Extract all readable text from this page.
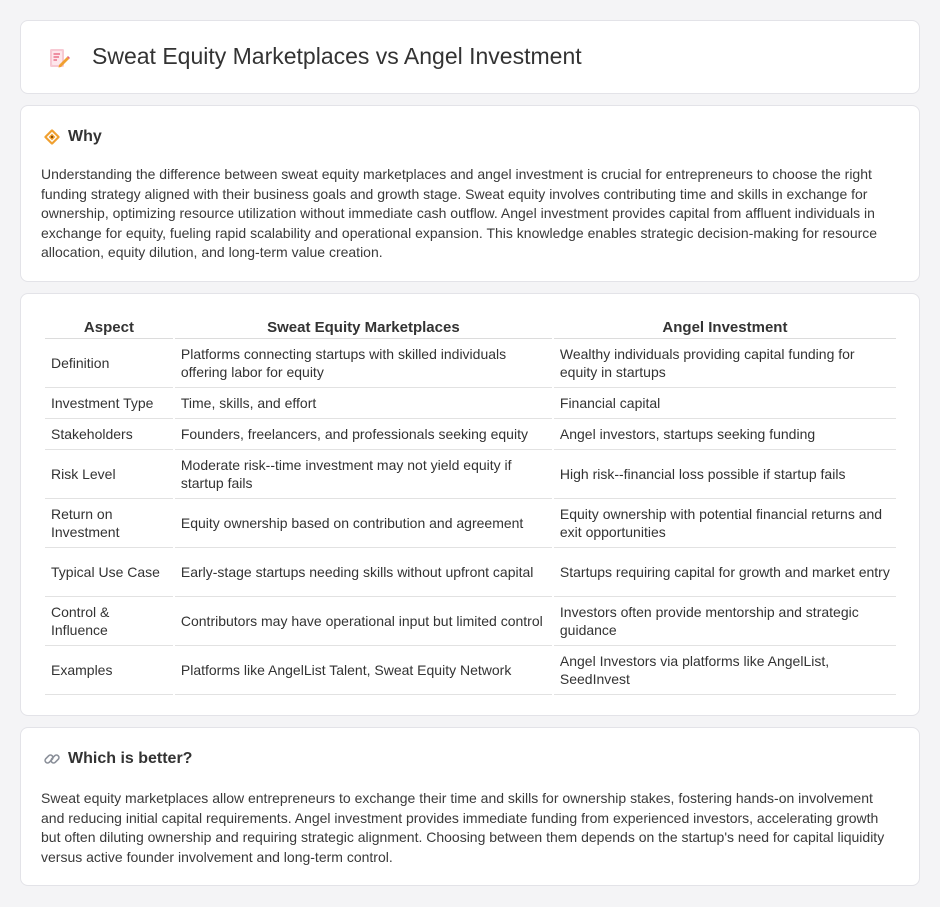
Sweat Equity Marketplaces vs Angel Investment
Why

Understanding the difference between sweat equity marketplaces and angel investment is crucial for entrepreneurs to choose the right funding strategy aligned with their business goals and growth stage. Sweat equity involves contributing time and skills in exchange for ownership, optimizing resource utilization without immediate cash outflow. Angel investment provides capital from affluent individuals in exchange for equity, fueling rapid scalability and operational expansion. This knowledge enables strategic decision-making for resource allocation, equity dilution, and long-term value creation.

Aspect	Sweat Equity Marketplaces	Angel Investment
Definition	Platforms connecting startups with skilled individuals offering labor for equity	Wealthy individuals providing capital funding for equity in startups
Investment Type	Time, skills, and effort	Financial capital
Stakeholders	Founders, freelancers, and professionals seeking equity	Angel investors, startups seeking funding
Risk Level	Moderate risk--time investment may not yield equity if startup fails	High risk--financial loss possible if startup fails
Return on Investment	Equity ownership based on contribution and agreement	Equity ownership with potential financial returns and exit opportunities
Typical Use Case	Early-stage startups needing skills without upfront capital	Startups requiring capital for growth and market entry
Control & Influence	Contributors may have operational input but limited control	Investors often provide mentorship and strategic guidance
Examples	Platforms like AngelList Talent, Sweat Equity Network	Angel Investors via platforms like AngelList, SeedInvest
Which is better?

Sweat equity marketplaces allow entrepreneurs to exchange their time and skills for ownership stakes, fostering hands-on involvement and reducing initial capital requirements. Angel investment provides immediate funding from experienced investors, accelerating growth but often diluting ownership and requiring strategic alignment. Choosing between them depends on the startup's need for capital liquidity versus active founder involvement and long-term control.
